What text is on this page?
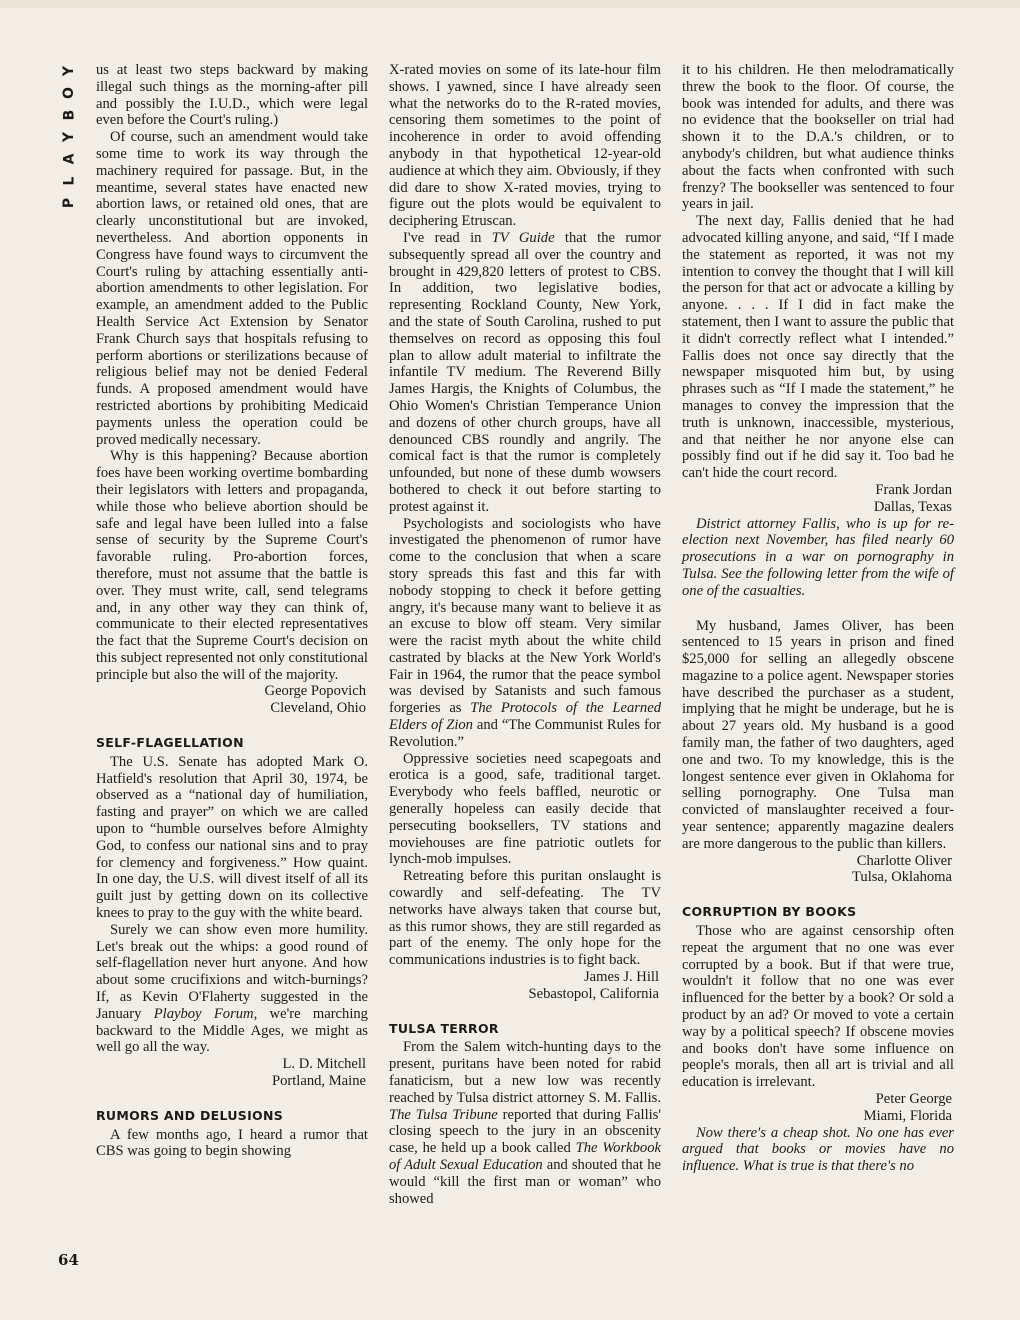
Y
O
B
Y
A
L
P
64

us at least two steps backward by making illegal such things as the morning-after pill and possibly the I.U.D., which were legal even before the Court's ruling.)

Of course, such an amendment would take some time to work its way through the machinery required for passage. But, in the meantime, several states have enacted new abortion laws, or retained old ones, that are clearly unconstitutional but are invoked, nevertheless. And abortion opponents in Congress have found ways to circumvent the Court's ruling by attaching essentially anti-abortion amendments to other legislation. For example, an amendment added to the Public Health Service Act Extension by Senator Frank Church says that hospitals refusing to perform abortions or sterilizations because of religious belief may not be denied Federal funds. A proposed amendment would have restricted abortions by prohibiting Medicaid payments unless the operation could be proved medically necessary.

Why is this happening? Because abortion foes have been working overtime bombarding their legislators with letters and propaganda, while those who believe abortion should be safe and legal have been lulled into a false sense of security by the Supreme Court's favorable ruling. Pro-abortion forces, therefore, must not assume that the battle is over. They must write, call, send telegrams and, in any other way they can think of, communicate to their elected representatives the fact that the Supreme Court's decision on this subject represented not only constitutional principle but also the will of the majority.

George Popovich

Cleveland, Ohio

SELF-FLAGELLATION

The U.S. Senate has adopted Mark O. Hatfield's resolution that April 30, 1974, be observed as a “national day of humiliation, fasting and prayer” on which we are called upon to “humble ourselves before Almighty God, to confess our national sins and to pray for clemency and forgiveness.” How quaint. In one day, the U.S. will divest itself of all its guilt just by getting down on its collective knees to pray to the guy with the white beard.

Surely we can show even more humility. Let's break out the whips: a good round of self-flagellation never hurt anyone. And how about some crucifixions and witch-burnings? If, as Kevin O'Flaherty suggested in the January Playboy Forum, we're marching backward to the Middle Ages, we might as well go all the way.

L. D. Mitchell

Portland, Maine

RUMORS AND DELUSIONS

A few months ago, I heard a rumor that CBS was going to begin showing

X-rated movies on some of its late-hour film shows. I yawned, since I have already seen what the networks do to the R-rated movies, censoring them sometimes to the point of incoherence in order to avoid offending anybody in that hypothetical 12-year-old audience at which they aim. Obviously, if they did dare to show X-rated movies, trying to figure out the plots would be equivalent to deciphering Etruscan.

I've read in TV Guide that the rumor subsequently spread all over the country and brought in 429,820 letters of protest to CBS. In addition, two legislative bodies, representing Rockland County, New York, and the state of South Carolina, rushed to put themselves on record as opposing this foul plan to allow adult material to infiltrate the infantile TV medium. The Reverend Billy James Hargis, the Knights of Columbus, the Ohio Women's Christian Temperance Union and dozens of other church groups, have all denounced CBS roundly and angrily. The comical fact is that the rumor is completely unfounded, but none of these dumb wowsers bothered to check it out before starting to protest against it.

Psychologists and sociologists who have investigated the phenomenon of rumor have come to the conclusion that when a scare story spreads this fast and this far with nobody stopping to check it before getting angry, it's because many want to believe it as an excuse to blow off steam. Very similar were the racist myth about the white child castrated by blacks at the New York World's Fair in 1964, the rumor that the peace symbol was devised by Satanists and such famous forgeries as The Protocols of the Learned Elders of Zion and “The Communist Rules for Revolution.”

Oppressive societies need scapegoats and erotica is a good, safe, traditional target. Everybody who feels baffled, neurotic or generally hopeless can easily decide that persecuting booksellers, TV stations and moviehouses are fine patriotic outlets for lynch-mob impulses.

Retreating before this puritan onslaught is cowardly and self-defeating. The TV networks have always taken that course but, as this rumor shows, they are still regarded as part of the enemy. The only hope for the communications industries is to fight back.

James J. Hill

Sebastopol, California

TULSA TERROR

From the Salem witch-hunting days to the present, puritans have been noted for rabid fanaticism, but a new low was recently reached by Tulsa district attorney S. M. Fallis. The Tulsa Tribune reported that during Fallis' closing speech to the jury in an obscenity case, he held up a book called The Workbook of Adult Sexual Education and shouted that he would “kill the first man or woman” who showed

it to his children. He then melodramatically threw the book to the floor. Of course, the book was intended for adults, and there was no evidence that the bookseller on trial had shown it to the D.A.'s children, or to anybody's children, but what audience thinks about the facts when confronted with such frenzy? The bookseller was sentenced to four years in jail.

The next day, Fallis denied that he had advocated killing anyone, and said, “If I made the statement as reported, it was not my intention to convey the thought that I will kill the person for that act or advocate a killing by anyone. . . . If I did in fact make the statement, then I want to assure the public that it didn't correctly reflect what I intended.” Fallis does not once say directly that the newspaper misquoted him but, by using phrases such as “If I made the statement,” he manages to convey the impression that the truth is unknown, inaccessible, mysterious, and that neither he nor anyone else can possibly find out if he did say it. Too bad he can't hide the court record.

Frank Jordan

Dallas, Texas

District attorney Fallis, who is up for re-election next November, has filed nearly 60 prosecutions in a war on pornography in Tulsa. See the following letter from the wife of one of the casualties.

My husband, James Oliver, has been sentenced to 15 years in prison and fined $25,000 for selling an allegedly obscene magazine to a police agent. Newspaper stories have described the purchaser as a student, implying that he might be underage, but he is about 27 years old. My husband is a good family man, the father of two daughters, aged one and two. To my knowledge, this is the longest sentence ever given in Oklahoma for selling pornography. One Tulsa man convicted of manslaughter received a four-year sentence; apparently magazine dealers are more dangerous to the public than killers.

Charlotte Oliver

Tulsa, Oklahoma

CORRUPTION BY BOOKS

Those who are against censorship often repeat the argument that no one was ever corrupted by a book. But if that were true, wouldn't it follow that no one was ever influenced for the better by a book? Or sold a product by an ad? Or moved to vote a certain way by a political speech? If obscene movies and books don't have some influence on people's morals, then all art is trivial and all education is irrelevant.

Peter George

Miami, Florida

Now there's a cheap shot. No one has ever argued that books or movies have no influence. What is true is that there's no
